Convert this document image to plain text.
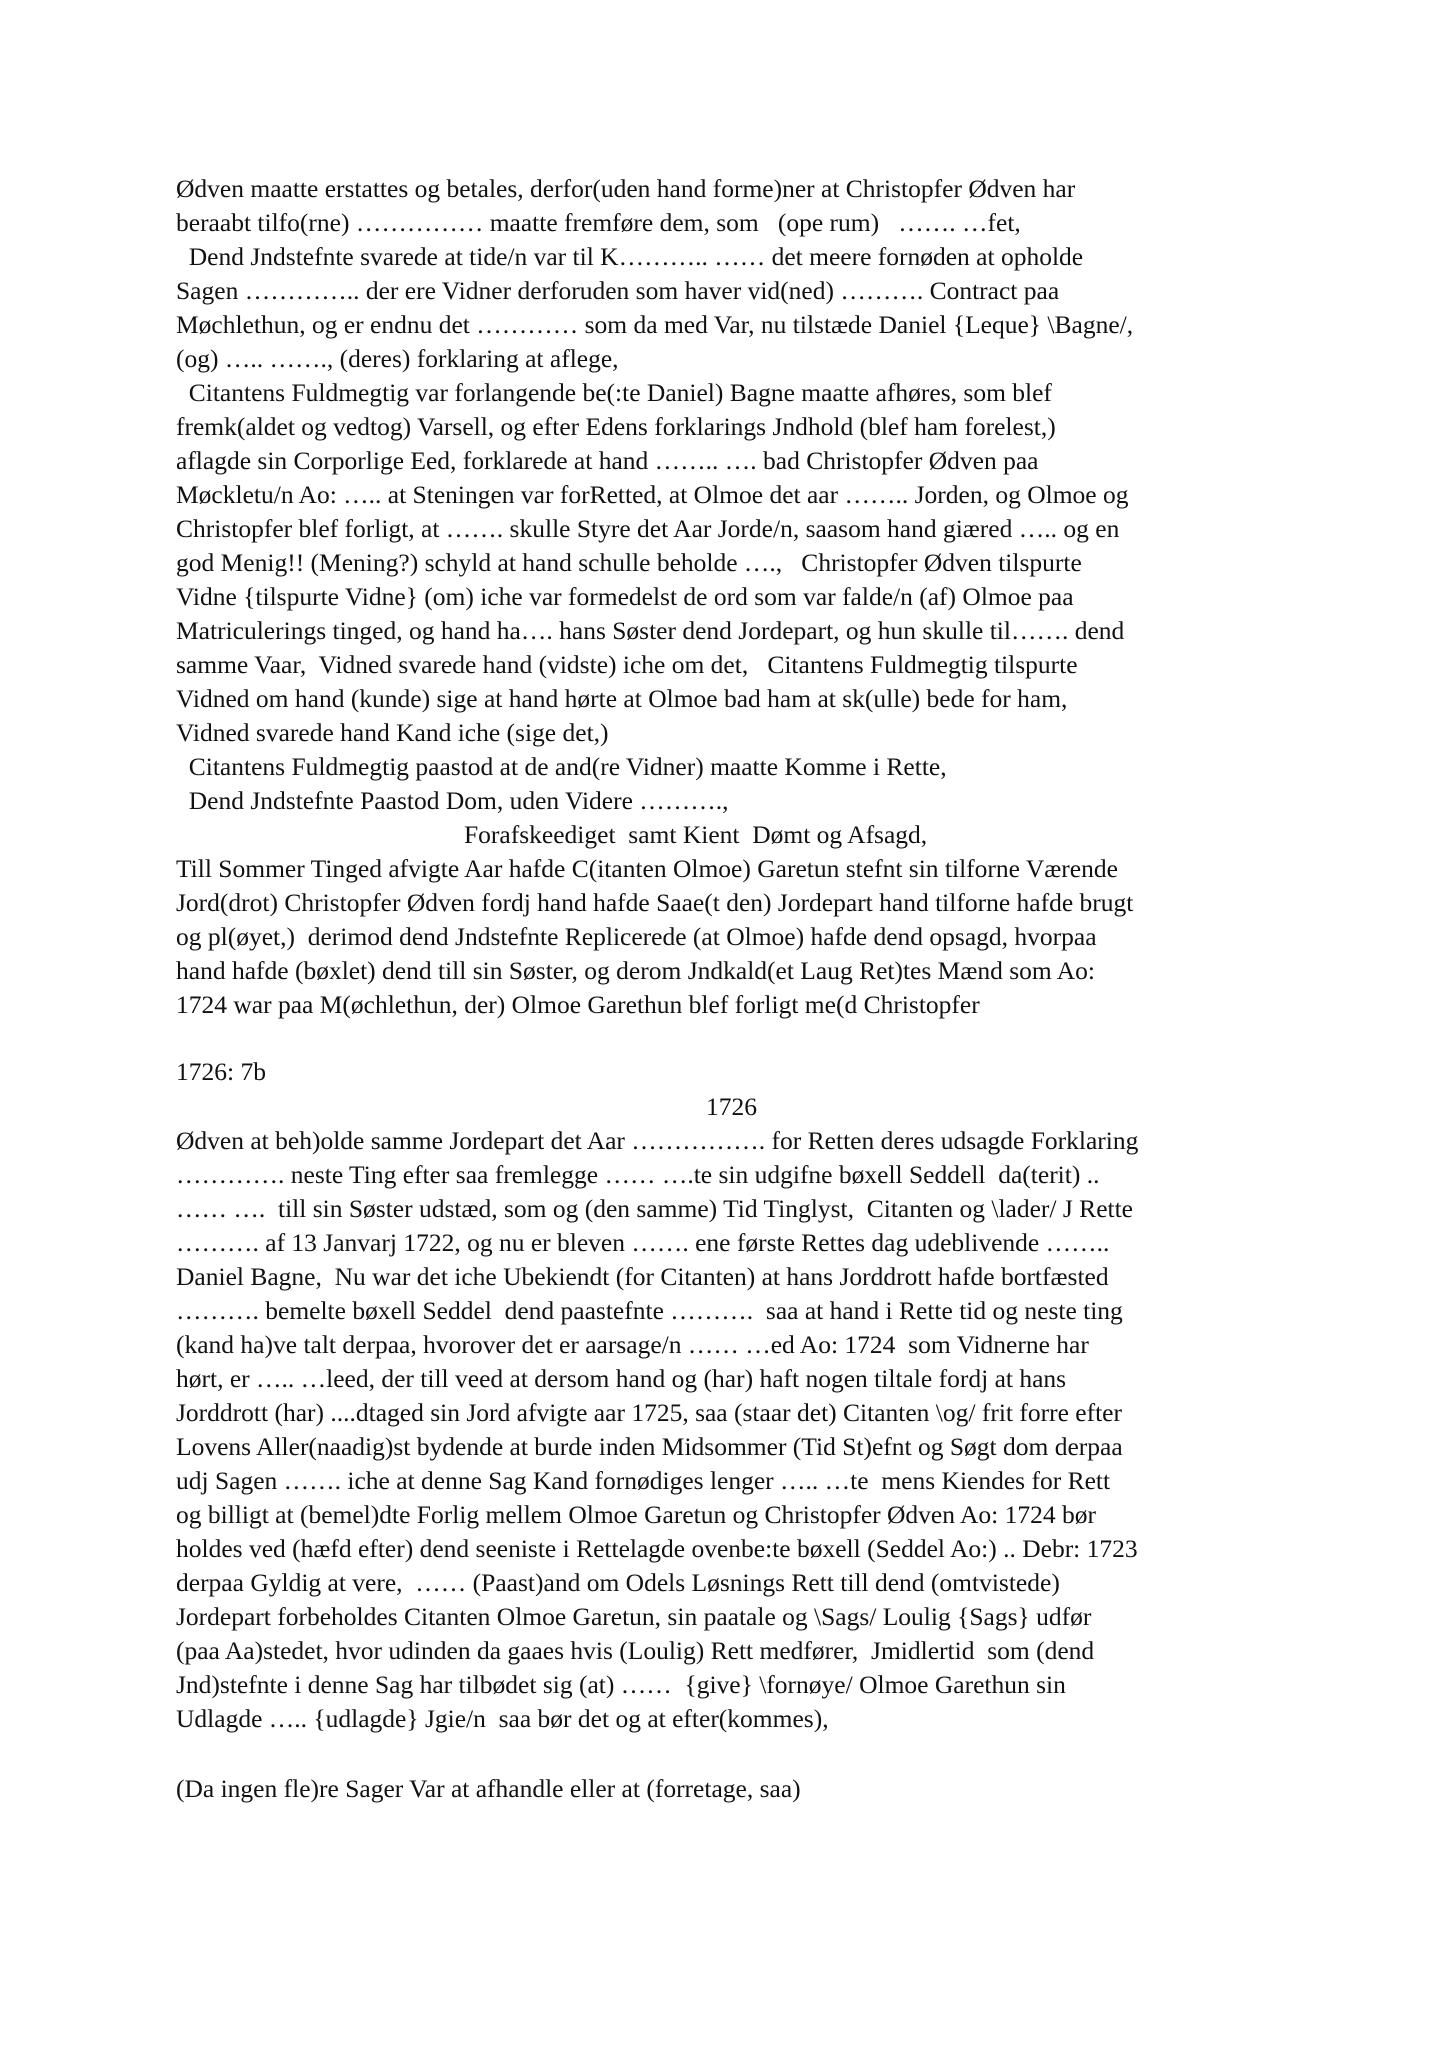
Ødven maatte erstattes og betales, derfor(uden hand forme)ner at Christopfer Ødven har
beraabt tilfo(rne) …………… maatte fremføre dem, som   (ope rum)   ……. …fet,
Dend Jndstefnte svarede at tide/n var til K……….. …… det meere fornøden at opholde
Sagen ………….. der ere Vidner derforuden som haver vid(ned) ………. Contract paa
Møchlethun, og er endnu det ………… som da med Var, nu tilstæde Daniel {Leque} \Bagne/,
(og) ….. ……., (deres) forklaring at aflege,
Citantens Fuldmegtig var forlangende be(:te Daniel) Bagne maatte afhøres, som blef
fremk(aldet og vedtog) Varsell, og efter Edens forklarings Jndhold (blef ham forelest,)
aflagde sin Corporlige Eed, forklarede at hand …….. …. bad Christopfer Ødven paa
Møckletu/n Ao: ….. at Steningen var forRetted, at Olmoe det aar …….. Jorden, og Olmoe og
Christopfer blef forligt, at ……. skulle Styre det Aar Jorde/n, saasom hand giæred ….. og en
god Menig!! (Mening?) schyld at hand schulle beholde ….,   Christopfer Ødven tilspurte
Vidne {tilspurte Vidne} (om) iche var formedelst de ord som var falde/n (af) Olmoe paa
Matriculerings tinged, og hand ha…. hans Søster dend Jordepart, og hun skulle til……. dend
samme Vaar,  Vidned svarede hand (vidste) iche om det,   Citantens Fuldmegtig tilspurte
Vidned om hand (kunde) sige at hand hørte at Olmoe bad ham at sk(ulle) bede for ham,
Vidned svarede hand Kand iche (sige det,)
Citantens Fuldmegtig paastod at de and(re Vidner) maatte Komme i Rette,
Dend Jndstefnte Paastod Dom, uden Videre ……….,
Forafskeediget  samt Kient  Dømt og Afsagd,
Till Sommer Tinged afvigte Aar hafde C(itanten Olmoe) Garetun stefnt sin tilforne Værende
Jord(drot) Christopfer Ødven fordj hand hafde Saae(t den) Jordepart hand tilforne hafde brugt
og pl(øyet,)  derimod dend Jndstefnte Replicerede (at Olmoe) hafde dend opsagd, hvorpaa
hand hafde (bøxlet) dend till sin Søster, og derom Jndkald(et Laug Ret)tes Mænd som Ao:
1724 war paa M(øchlethun, der) Olmoe Garethun blef forligt me(d Christopfer
1726: 7b
1726
Ødven at beh)olde samme Jordepart det Aar ……………. for Retten deres udsagde Forklaring
…………. neste Ting efter saa fremlegge …… ….te sin udgifne bøxell Seddell  da(terit) ..
…… ….  till sin Søster udstæd, som og (den samme) Tid Tinglyst,  Citanten og \lader/ J Rette
………. af 13 Janvarj 1722, og nu er bleven ……. ene første Rettes dag udeblivende ……..
Daniel Bagne,  Nu war det iche Ubekiendt (for Citanten) at hans Jorddrott hafde bortfæsted
………. bemelte bøxell Seddel  dend paastefnte ……….  saa at hand i Rette tid og neste ting
(kand ha)ve talt derpaa, hvorover det er aarsage/n …… …ed Ao: 1724  som Vidnerne har
hørt, er ….. …leed, der till veed at dersom hand og (har) haft nogen tiltale fordj at hans
Jorddrott (har) ....dtaged sin Jord afvigte aar 1725, saa (staar det) Citanten \og/ frit forre efter
Lovens Aller(naadig)st bydende at burde inden Midsommer (Tid St)efnt og Søgt dom derpaa
udj Sagen ……. iche at denne Sag Kand fornødiges lenger ….. …te  mens Kiendes for Rett
og billigt at (bemel)dte Forlig mellem Olmoe Garetun og Christopfer Ødven Ao: 1724 bør
holdes ved (hæfd efter) dend seeniste i Rettelagde ovenbe:te bøxell (Seddel Ao:) .. Debr: 1723
derpaa Gyldig at vere,  …… (Paast)and om Odels Løsnings Rett till dend (omtvistede)
Jordepart forbeholdes Citanten Olmoe Garetun, sin paatale og \Sags/ Loulig {Sags} udfør
(paa Aa)stedet, hvor udinden da gaaes hvis (Loulig) Rett medfører,  Jmidlertid  som (dend
Jnd)stefnte i denne Sag har tilbødet sig (at) ……  {give} \fornøye/ Olmoe Garethun sin
Udlagde ….. {udlagde} Jgie/n  saa bør det og at efter(kommes),
(Da ingen fle)re Sager Var at afhandle eller at (forretage, saa)
